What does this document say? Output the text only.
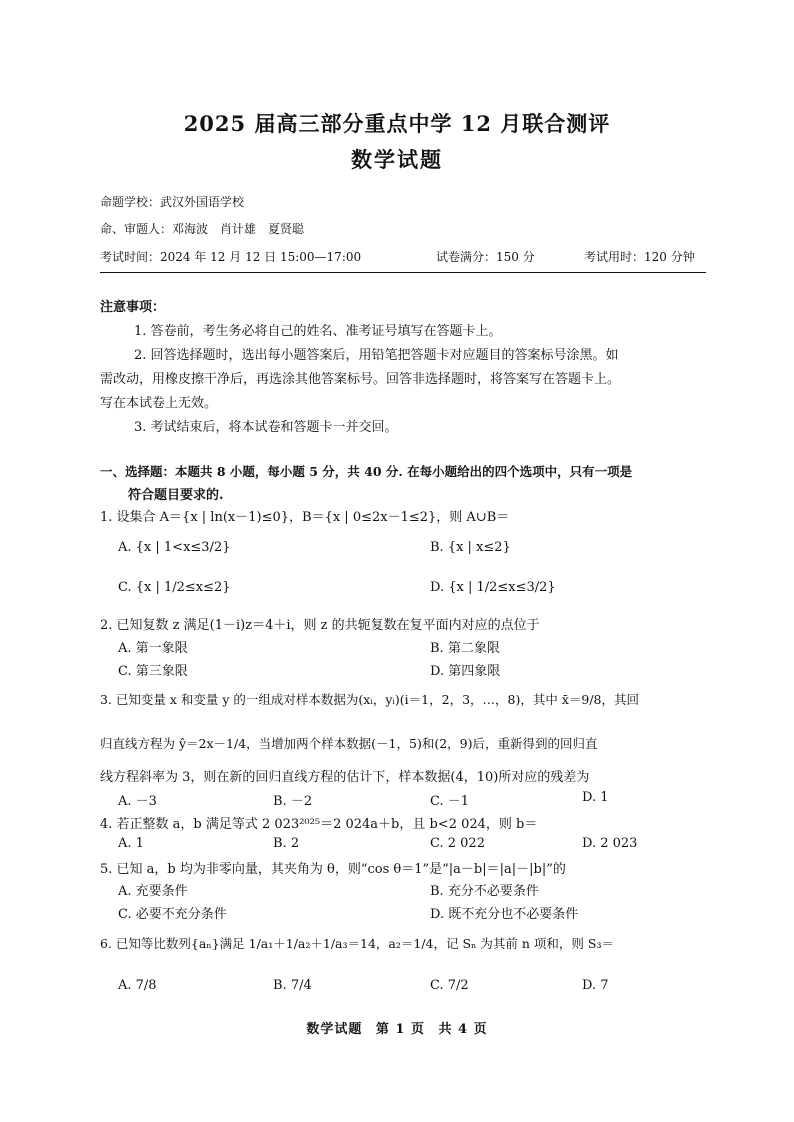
2025 届高三部分重点中学 12 月联合测评
数学试题
命题学校：武汉外国语学校
命、审题人：邓海波　肖计雄　夏贤聪
考试时间：2024 年 12 月 12 日 15:00—17:00	试卷满分：150 分	考试用时：120 分钟
注意事项：
1. 答卷前，考生务必将自己的姓名、准考证号填写在答题卡上。
2. 回答选择题时，选出每小题答案后，用铅笔把答题卡对应题目的答案标号涂黑。如
需改动，用橡皮擦干净后，再选涂其他答案标号。回答非选择题时，将答案写在答题卡上。
写在本试卷上无效。
3. 考试结束后，将本试卷和答题卡一并交回。
一、选择题：本题共 8 小题，每小题 5 分，共 40 分. 在每小题给出的四个选项中，只有一项是
符合题目要求的.
1. 设集合 A＝{x | ln(x－1)≤0}，B＝{x | 0≤2x－1≤2}，则 A∪B＝
A. {x | 1<x≤3/2}	B. {x | x≤2}
C. {x | 1/2≤x≤2}	D. {x | 1/2≤x≤3/2}
2. 已知复数 z 满足(1－i)z＝4＋i，则 z 的共轭复数在复平面内对应的点位于
A. 第一象限	B. 第二象限
C. 第三象限	D. 第四象限
3. 已知变量 x 和变量 y 的一组成对样本数据为(xᵢ，yᵢ)(i＝1，2，3，…，8)，其中 x̄＝9/8，其回
归直线方程为 ŷ＝2x－1/4，当增加两个样本数据(－1，5)和(2，9)后，重新得到的回归直
线方程斜率为 3，则在新的回归直线方程的估计下，样本数据(4，10)所对应的残差为
A. －3	B. －2	C. －1	D. 1
4. 若正整数 a，b 满足等式 2 023²⁰²⁵＝2 024a＋b，且 b<2 024，则 b＝
A. 1	B. 2	C. 2 022	D. 2 023
5. 已知 a，b 均为非零向量，其夹角为 θ，则“cos θ＝1”是“|a－b|＝|a|－|b|”的
A. 充要条件	B. 充分不必要条件
C. 必要不充分条件	D. 既不充分也不必要条件
6. 已知等比数列{aₙ}满足 1/a₁＋1/a₂＋1/a₃＝14，a₂＝1/4，记 Sₙ 为其前 n 项和，则 S₃＝
A. 7/8	B. 7/4	C. 7/2	D. 7
数学试题 第 1 页 共 4 页
